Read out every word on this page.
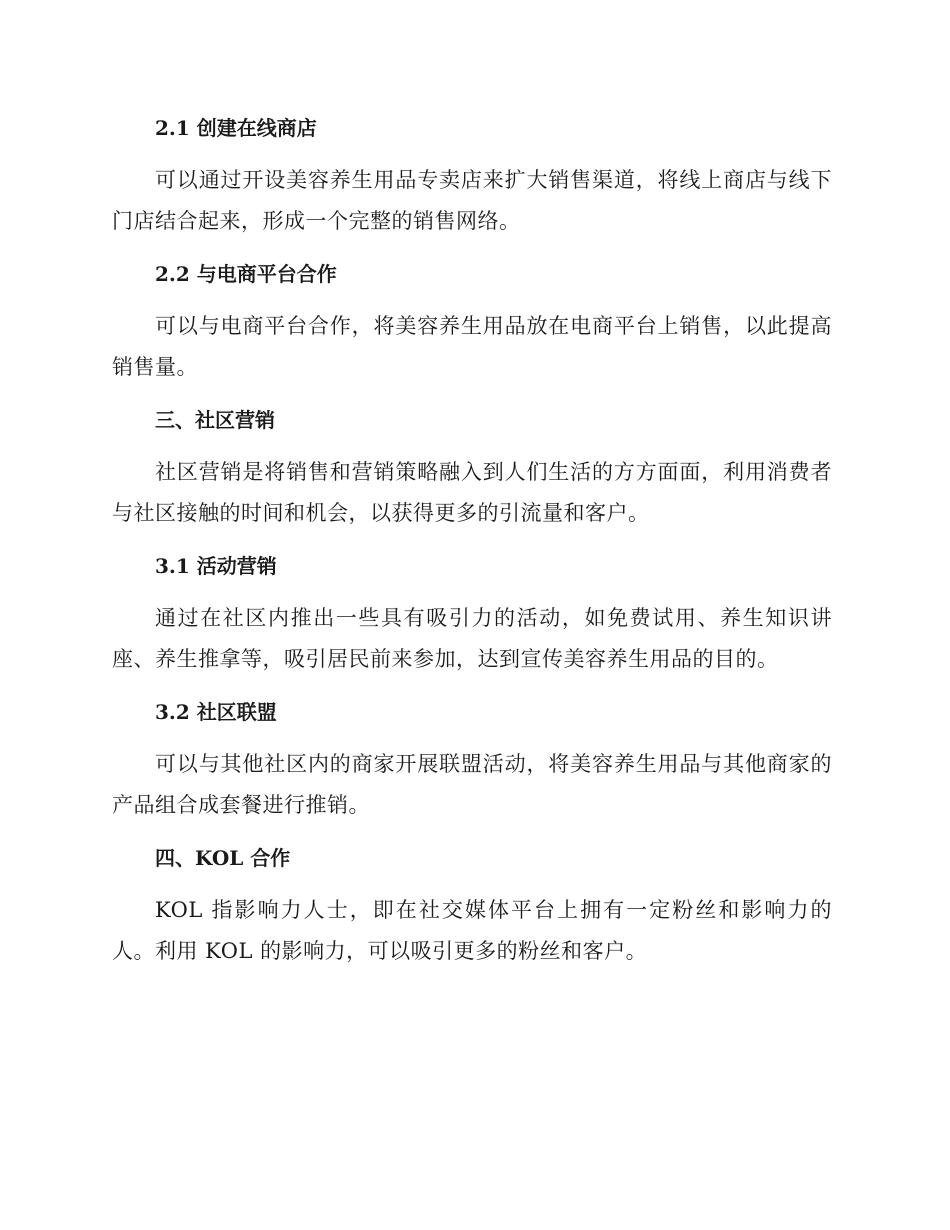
2.1 创建在线商店
可以通过开设美容养生用品专卖店来扩大销售渠道，将线上商店与线下门店结合起来，形成一个完整的销售网络。
2.2 与电商平台合作
可以与电商平台合作，将美容养生用品放在电商平台上销售，以此提高销售量。
三、社区营销
社区营销是将销售和营销策略融入到人们生活的方方面面，利用消费者与社区接触的时间和机会，以获得更多的引流量和客户。
3.1 活动营销
通过在社区内推出一些具有吸引力的活动，如免费试用、养生知识讲座、养生推拿等，吸引居民前来参加，达到宣传美容养生用品的目的。
3.2 社区联盟
可以与其他社区内的商家开展联盟活动，将美容养生用品与其他商家的产品组合成套餐进行推销。
四、KOL 合作
KOL 指影响力人士，即在社交媒体平台上拥有一定粉丝和影响力的人。利用 KOL 的影响力，可以吸引更多的粉丝和客户。
